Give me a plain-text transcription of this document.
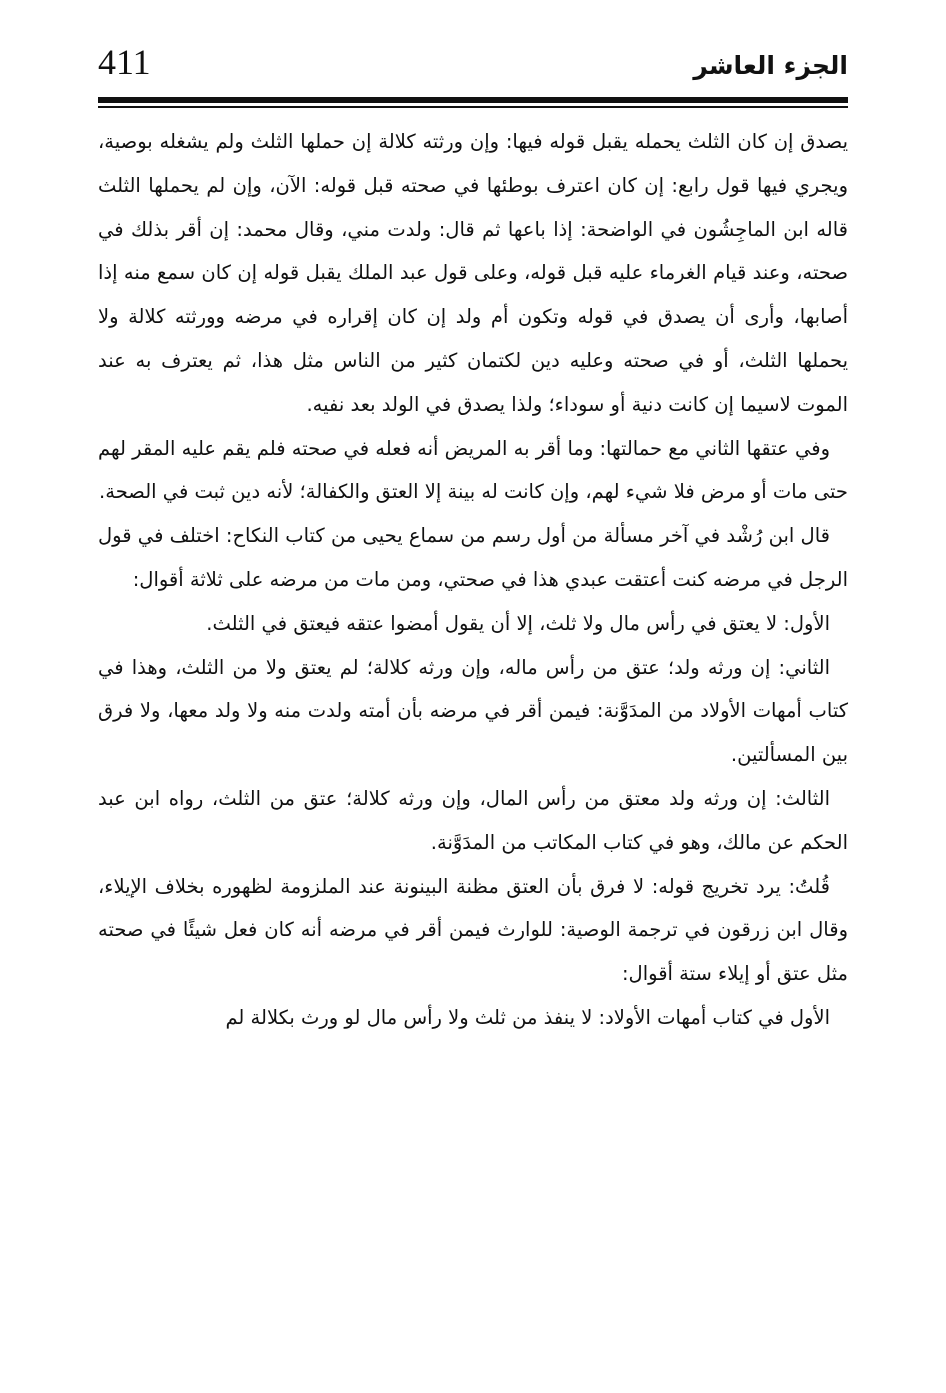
411	الجزء العاشر

يصدق إن كان الثلث يحمله يقبل قوله فيها: وإن ورثته كلالة إن حملها الثلث ولم يشغله بوصية، ويجري فيها قول رابع: إن كان اعترف بوطئها في صحته قبل قوله: الآن، وإن لم يحملها الثلث قاله ابن الماجِشُون في الواضحة: إذا باعها ثم قال: ولدت مني، وقال محمد: إن أقر بذلك في صحته، وعند قيام الغرماء عليه قبل قوله، وعلى قول عبد الملك يقبل قوله إن كان سمع منه إذا أصابها، وأرى أن يصدق في قوله وتكون أم ولد إن كان إقراره في مرضه وورثته كلالة ولا يحملها الثلث، أو في صحته وعليه دين لكتمان كثير من الناس مثل هذا، ثم يعترف به عند الموت لاسيما إن كانت دنية أو سوداء؛ ولذا يصدق في الولد بعد نفيه.

وفي عتقها الثاني مع حمالتها: وما أقر به المريض أنه فعله في صحته فلم يقم عليه المقر لهم حتى مات أو مرض فلا شيء لهم، وإن كانت له بينة إلا العتق والكفالة؛ لأنه دين ثبت في الصحة.

قال ابن رُشْد في آخر مسألة من أول رسم من سماع يحيى من كتاب النكاح: اختلف في قول الرجل في مرضه كنت أعتقت عبدي هذا في صحتي، ومن مات من مرضه على ثلاثة أقوال:

الأول: لا يعتق في رأس مال ولا ثلث، إلا أن يقول أمضوا عتقه فيعتق في الثلث.

الثاني: إن ورثه ولد؛ عتق من رأس ماله، وإن ورثه كلالة؛ لم يعتق ولا من الثلث، وهذا في كتاب أمهات الأولاد من المدَوَّنة: فيمن أقر في مرضه بأن أمته ولدت منه ولا ولد معها، ولا فرق بين المسألتين.

الثالث: إن ورثه ولد معتق من رأس المال، وإن ورثه كلالة؛ عتق من الثلث، رواه ابن عبد الحكم عن مالك، وهو في كتاب المكاتب من المدَوَّنة.

قُلتُ: يرد تخريج قوله: لا فرق بأن العتق مظنة البينونة عند الملزومة لظهوره بخلاف الإيلاء، وقال ابن زرقون في ترجمة الوصية: للوارث فيمن أقر في مرضه أنه كان فعل شيئًا في صحته مثل عتق أو إيلاء ستة أقوال:

الأول في كتاب أمهات الأولاد: لا ينفذ من ثلث ولا رأس مال لو ورث بكلالة لم
